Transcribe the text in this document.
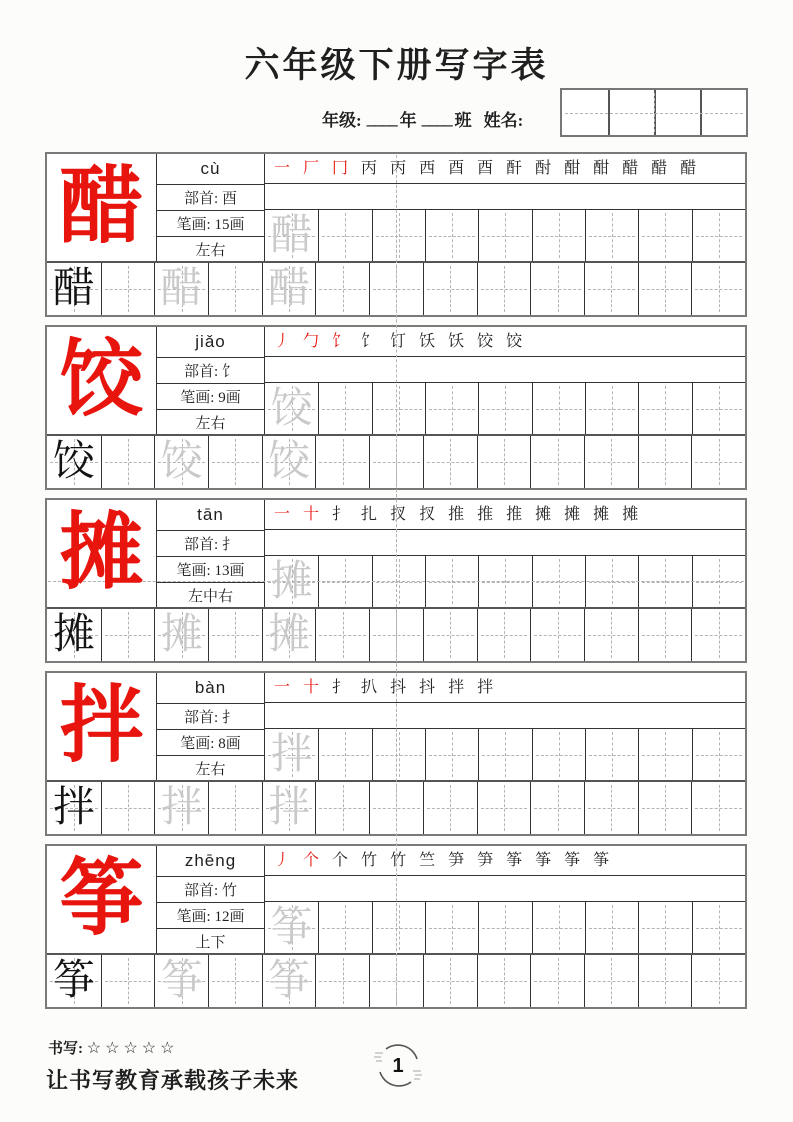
六年级下册写字表
年级: ____ 年 ____ 班 姓名:
醋	cù
部首: 酉
笔画: 15画
左右
一 厂 冂 丙 丙 西 酉 酉 酐 酎 酣 酣 醋 醋 醋
醋
醋 醋 醋
饺	jiǎo
部首: 饣
笔画: 9画
左右
丿 勹 饣 饣 饤 饫 饫 饺 饺
饺
饺 饺 饺
摊	tān
部首: 扌
笔画: 13画
左中右
一 十 扌 扎 扠 扠 推 推 推 摊 摊 摊 摊
摊
摊 摊 摊
拌	bàn
部首: 扌
笔画: 8画
左右
一 十 扌 扒 抖 抖 拌 拌
拌
拌 拌 拌
筝	zhēng
部首: 竹
笔画: 12画
上下
丿 个 个 竹 竹 竺 笋 笋 筝 筝 筝 筝
筝
筝 筝 筝
书写: ☆☆☆☆☆
1
让书写教育承载孩子未来
